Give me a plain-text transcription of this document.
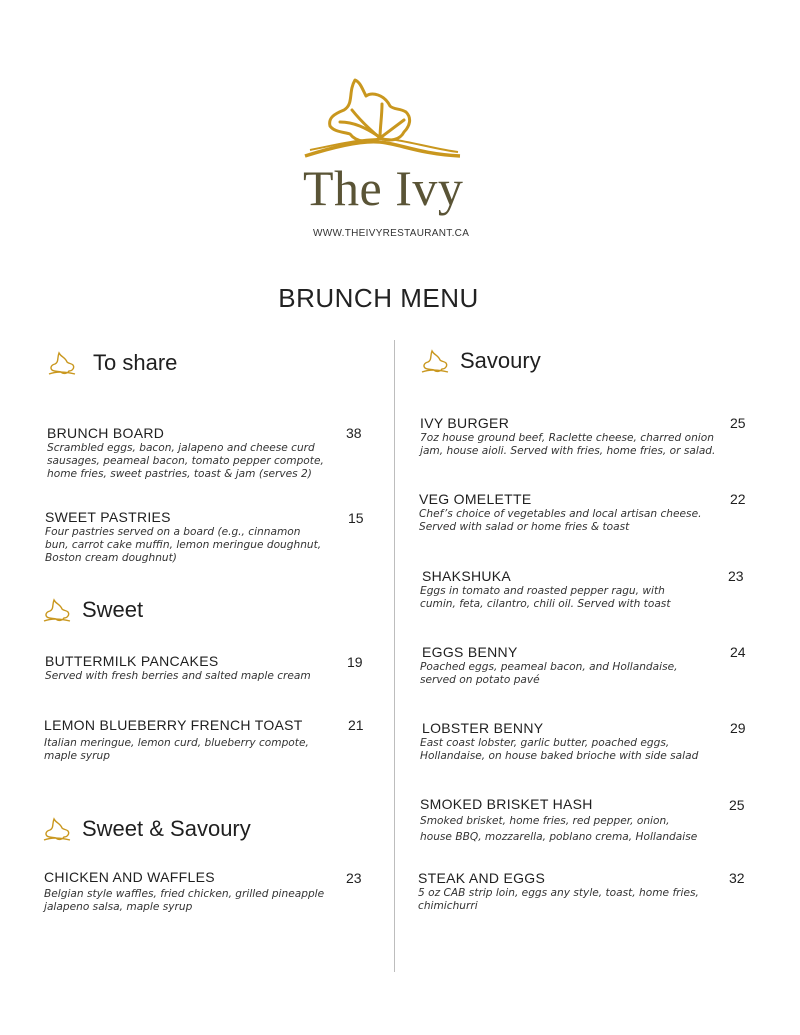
The Ivy
WWW.THEIVYRESTAURANT.CA
BRUNCH MENU
To share
Sweet
Sweet & Savoury
Savoury
BRUNCH BOARD
Scrambled eggs, bacon, jalapeno and cheese curd
sausages, peameal bacon, tomato pepper compote,
home fries, sweet pastries, toast & jam (serves 2)
38
SWEET PASTRIES
Four pastries served on a board (e.g., cinnamon
bun, carrot cake muffin, lemon meringue doughnut,
Boston cream doughnut)
15
BUTTERMILK PANCAKES
Served with fresh berries and salted maple cream
19
LEMON BLUEBERRY FRENCH TOAST
Italian meringue, lemon curd, blueberry compote,
maple syrup
21
CHICKEN AND WAFFLES
Belgian style waffles, fried chicken, grilled pineapple
jalapeno salsa, maple syrup
23
IVY BURGER
7oz house ground beef, Raclette cheese, charred onion
jam, house aioli. Served with fries, home fries, or salad.
25
VEG OMELETTE
Chef’s choice of vegetables and local artisan cheese.
Served with salad or home fries & toast
22
SHAKSHUKA
Eggs in tomato and roasted pepper ragu, with
cumin, feta, cilantro, chili oil. Served with toast
23
EGGS BENNY
Poached eggs, peameal bacon, and Hollandaise,
served on potato pavé
24
LOBSTER BENNY
East coast lobster, garlic butter, poached eggs,
Hollandaise, on house baked brioche with side salad
29
SMOKED BRISKET HASH
Smoked brisket, home fries, red pepper, onion,
house BBQ, mozzarella, poblano crema, Hollandaise
25
STEAK AND EGGS
5 oz CAB strip loin, eggs any style, toast, home fries,
chimichurri
32
